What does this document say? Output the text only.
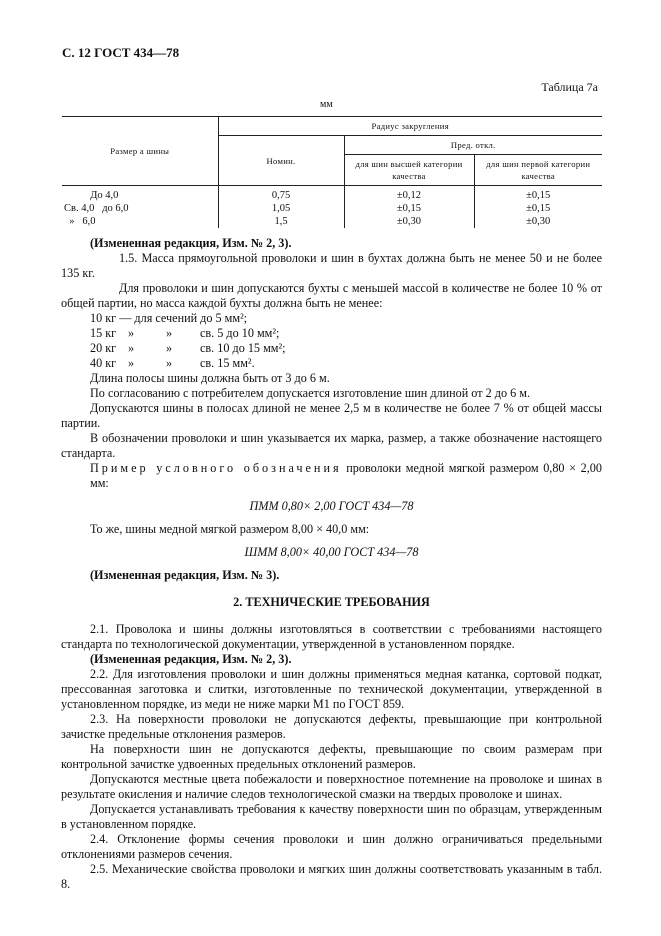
С. 12 ГОСТ 434—78
Таблица 7а
мм
Размер a шины	Радиус закругления		
	Номин.	Пред. откл.	
		для шин высшей категории качества	для шин первой категории качества
До 4,0	0,75	±0,12	±0,15
Св. 4,0   до 6,0	1,05	±0,15	±0,15
»   6,0	1,5	±0,30	±0,30

(Измененная редакция, Изм. № 2, 3).

1.5. Масса прямоугольной проволоки и шин в бухтах должна быть не менее 50 и не более 135 кг.

Для проволоки и шин допускаются бухты с меньшей массой в количестве не более 10 % от общей партии, но масса каждой бухты должна быть не менее:

10 кг — для сечений до 5 мм²;
15 кг »	» св. 5 до 10 мм²;
20 кг »	» св. 10 до 15 мм²;
40 кг »	» св. 15 мм².

Длина полосы шины должна быть от 3 до 6 м.

По согласованию с потребителем допускается изготовление шин длиной от 2 до 6 м.

Допускаются шины в полосах длиной не менее 2,5 м в количестве не более 7 % от общей массы партии.

В обозначении проволоки и шин указывается их марка, размер, а также обозначение настоящего стандарта.

Пример условного обозначения проволоки медной мягкой размером 0,80 × 2,00 мм:

ПММ 0,80× 2,00 ГОСТ 434—78

То же, шины медной мягкой размером 8,00 × 40,0 мм:

ШММ 8,00× 40,00 ГОСТ 434—78

(Измененная редакция, Изм. № 3).

2. ТЕХНИЧЕСКИЕ ТРЕБОВАНИЯ

2.1. Проволока и шины должны изготовляться в соответствии с требованиями настоящего стандарта по технологической документации, утвержденной в установленном порядке.

(Измененная редакция, Изм. № 2, 3).

2.2. Для изготовления проволоки и шин должны применяться медная катанка, сортовой подкат, прессованная заготовка и слитки, изготовленные по технической документации, утвержденной в установленном порядке, из меди не ниже марки М1 по ГОСТ 859.

2.3. На поверхности проволоки не допускаются дефекты, превышающие при контрольной зачистке предельные отклонения размеров.

На поверхности шин не допускаются дефекты, превышающие по своим размерам при контрольной зачистке удвоенных предельных отклонений размеров.

Допускаются местные цвета побежалости и поверхностное потемнение на проволоке и шинах в результате окисления и наличие следов технологической смазки на твердых проволоке и шинах.

Допускается устанавливать требования к качеству поверхности шин по образцам, утвержденным в установленном порядке.

2.4. Отклонение формы сечения проволоки и шин должно ограничиваться предельными отклонениями размеров сечения.

2.5. Механические свойства проволоки и мягких шин должны соответствовать указанным в табл. 8.
